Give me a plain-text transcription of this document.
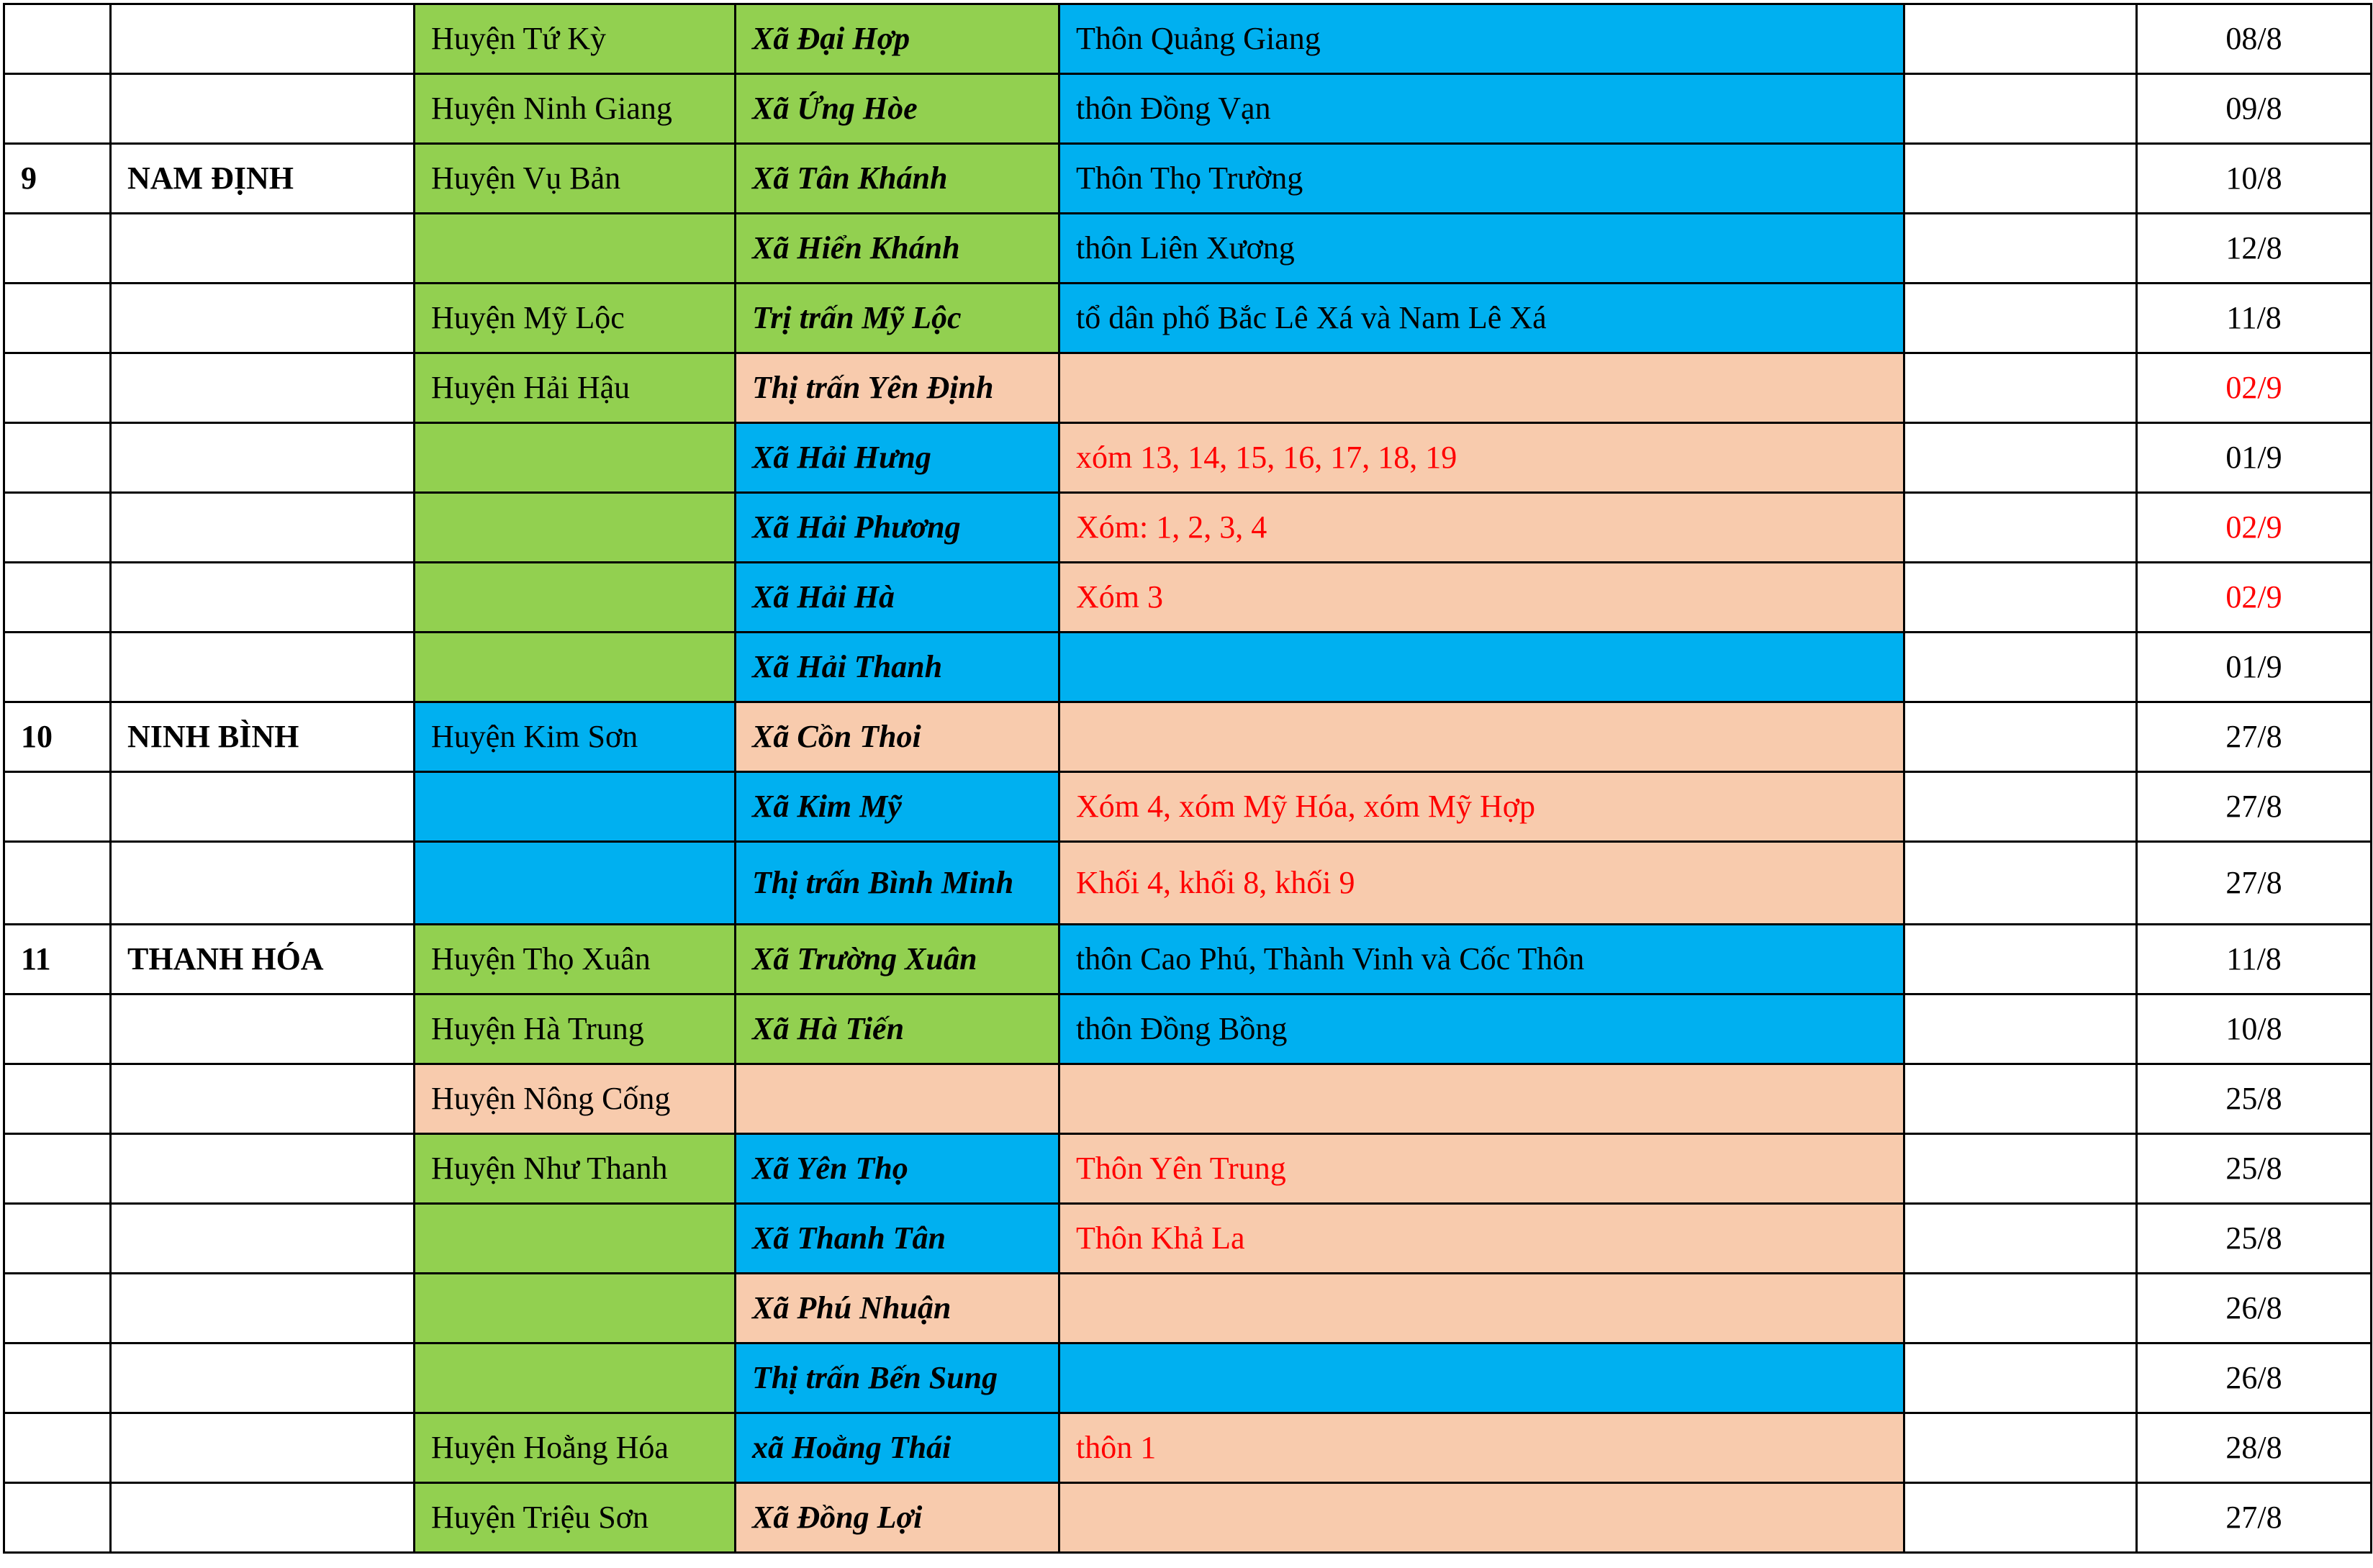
		Huyện Tứ Kỳ	Xã Đại Hợp	Thôn Quảng Giang		08/8
		Huyện Ninh Giang	Xã Ứng Hòe	thôn Đồng Vạn		09/8
9	NAM ĐỊNH	Huyện Vụ Bản	Xã Tân Khánh	Thôn Thọ Trường		10/8
			Xã Hiển Khánh	thôn Liên Xương		12/8
		Huyện Mỹ Lộc	Trị trấn Mỹ Lộc	tổ dân phố Bắc Lê Xá và Nam Lê Xá		11/8
		Huyện Hải Hậu	Thị trấn Yên Định			02/9
			Xã Hải Hưng	xóm 13, 14, 15, 16, 17, 18, 19		01/9
			Xã Hải Phương	Xóm: 1, 2, 3, 4		02/9
			Xã Hải Hà	Xóm 3		02/9
			Xã Hải Thanh			01/9
10	NINH BÌNH	Huyện Kim Sơn	Xã Cồn Thoi			27/8
			Xã Kim Mỹ	Xóm 4, xóm Mỹ Hóa, xóm Mỹ Hợp		27/8
			Thị trấn Bình Minh	Khối 4, khối 8, khối 9		27/8
11	THANH HÓA	Huyện Thọ Xuân	Xã Trường Xuân	thôn Cao Phú, Thành Vinh và Cốc Thôn		11/8
		Huyện Hà Trung	Xã Hà Tiến	thôn Đồng Bồng		10/8
		Huyện Nông Cống				25/8
		Huyện Như Thanh	Xã Yên Thọ	Thôn Yên Trung		25/8
			Xã Thanh Tân	Thôn Khả La		25/8
			Xã Phú Nhuận			26/8
			Thị trấn Bến Sung			26/8
		Huyện Hoằng Hóa	xã Hoằng Thái	thôn 1		28/8
		Huyện Triệu Sơn	Xã Đồng Lợi			27/8
